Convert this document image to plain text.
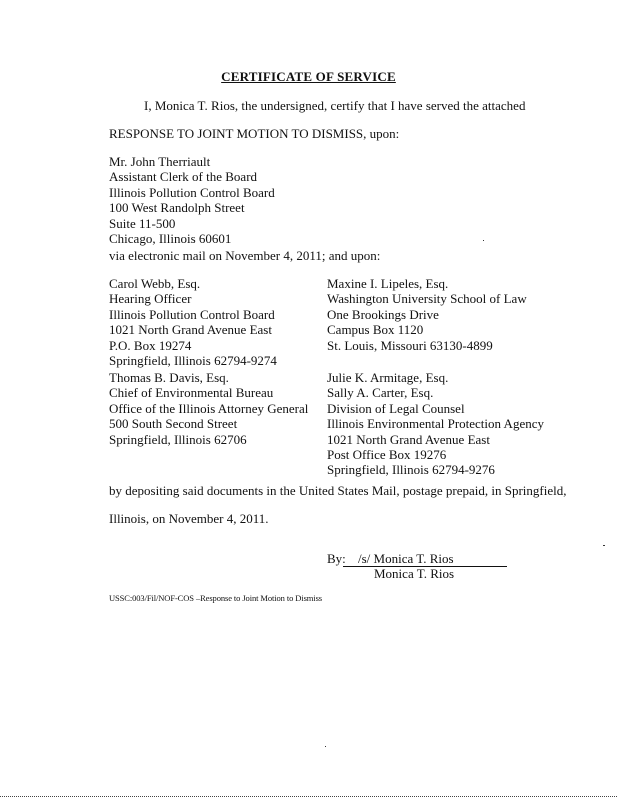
CERTIFICATE OF SERVICE
I, Monica T. Rios, the undersigned, certify that I have served the attached
RESPONSE TO JOINT MOTION TO DISMISS, upon:
Mr. John Therriault
Assistant Clerk of the Board
Illinois Pollution Control Board
100 West Randolph Street
Suite 11-500
Chicago, Illinois 60601
via electronic mail on November 4, 2011; and upon:
Carol Webb, Esq.
Hearing Officer
Illinois Pollution Control Board
1021 North Grand Avenue East
P.O. Box 19274
Springfield, Illinois 62794-9274
Maxine I. Lipeles, Esq.
Washington University School of Law
One Brookings Drive
Campus Box 1120
St. Louis, Missouri 63130-4899
Thomas B. Davis, Esq.
Chief of Environmental Bureau
Office of the Illinois Attorney General
500 South Second Street
Springfield, Illinois 62706
Julie K. Armitage, Esq.
Sally A. Carter, Esq.
Division of Legal Counsel
Illinois Environmental Protection Agency
1021 North Grand Avenue East
Post Office Box 19276
Springfield, Illinois 62794-9276
by depositing said documents in the United States Mail, postage prepaid, in Springfield,
Illinois, on November 4, 2011.
By: /s/ Monica T. Rios
Monica T. Rios
USSC:003/Fil/NOF-COS –Response to Joint Motion to Dismiss
